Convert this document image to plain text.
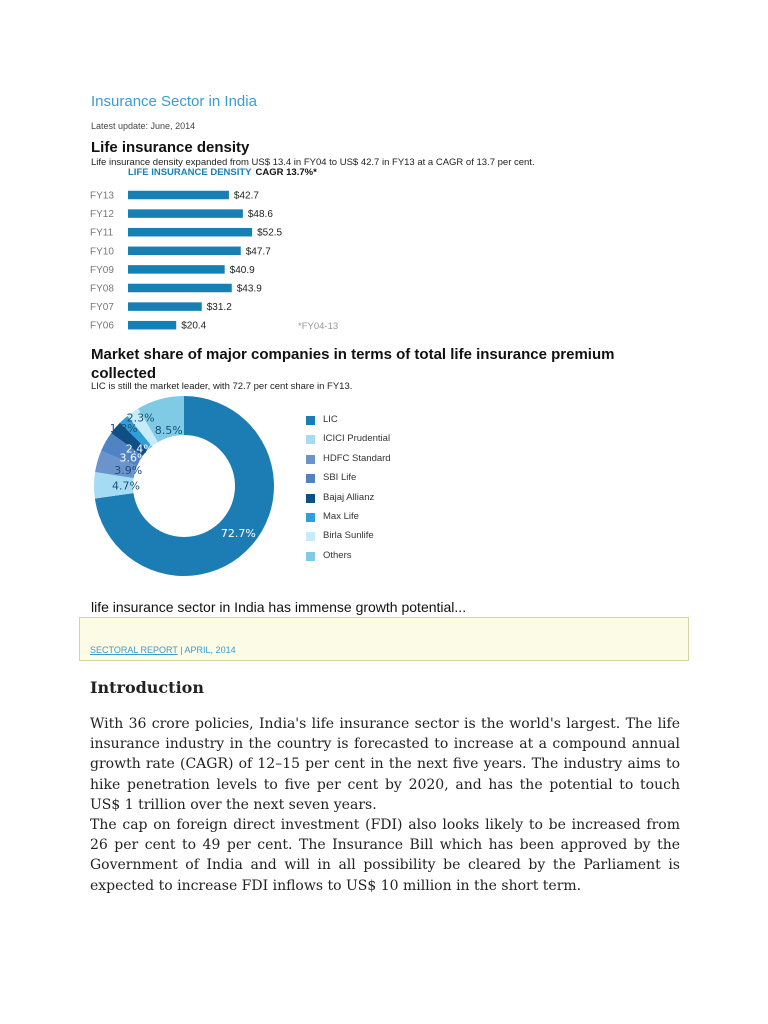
Insurance Sector in India
Latest update: June, 2014
Life insurance density
Life insurance density expanded from US$ 13.4 in FY04 to US$ 42.7 in FY13 at a CAGR of 13.7 per cent.
LIFE INSURANCE DENSITY CAGR 13.7%*
FY13	$42.7
FY12	$48.6
FY11	$52.5
FY10	$47.7
FY09	$40.9
FY08	$43.9
FY07	$31.2
FY06	$20.4	*FY04-13
Market share of major companies in terms of total life insurance premium collected
LIC is still the market leader, with 72.7 per cent share in FY13.
72.7%
4.7%
3.9%
3.6%
2.4%
1.8%
2.3%
8.5%
LIC
ICICI Prudential
HDFC Standard
SBI Life
Bajaj Allianz
Max Life
Birla Sunlife
Others
life insurance sector in India has immense growth potential...
SECTORAL REPORT | APRIL, 2014
Introduction

With 36 crore policies, India's life insurance sector is the world's largest. The life insurance industry in the country is forecasted to increase at a compound annual growth rate (CAGR) of 12–15 per cent in the next five years. The industry aims to hike penetration levels to five per cent by 2020, and has the potential to touch US$ 1 trillion over the next seven years.

The cap on foreign direct investment (FDI) also looks likely to be increased from 26 per cent to 49 per cent. The Insurance Bill which has been approved by the Government of India and will in all possibility be cleared by the Parliament is expected to increase FDI inflows to US$ 10 million in the short term.
